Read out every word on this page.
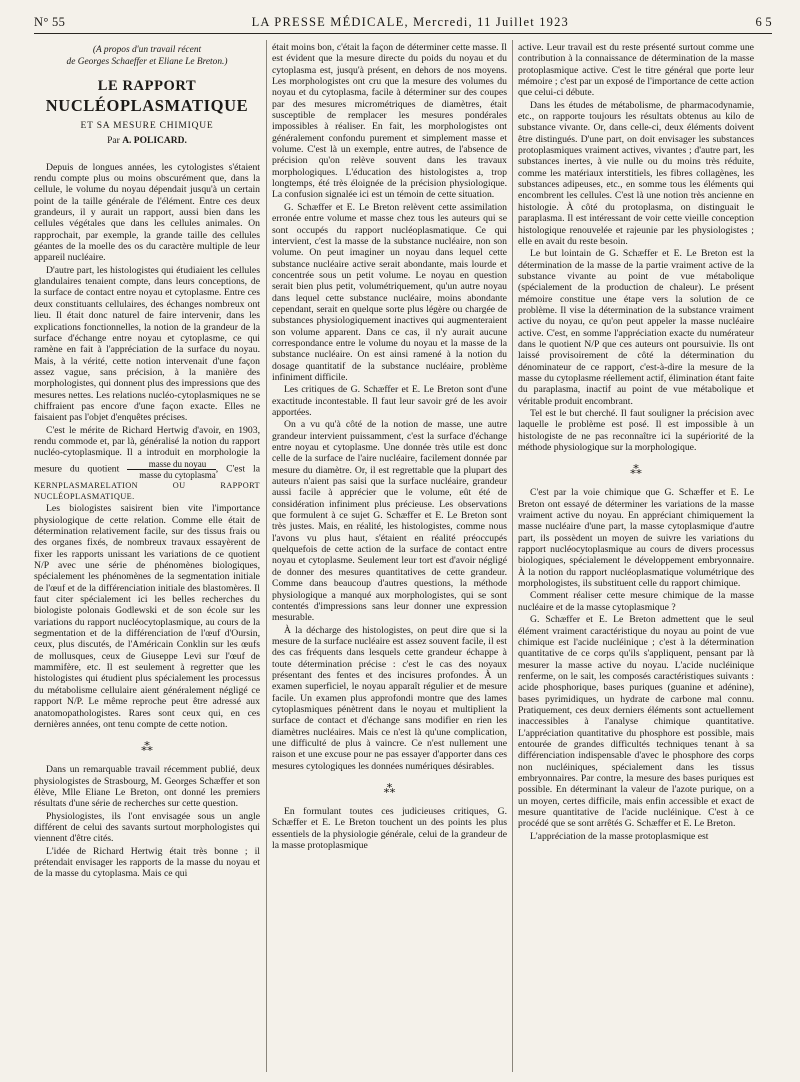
N° 55	LA PRESSE MÉDICALE, Mercredi, 11 Juillet 1923	6 5
(A propos d'un travail récent
de Georges Schaeffer et Eliane Le Breton.)
LE RAPPORT
NUCLÉOPLASMATIQUE
ET SA MESURE CHIMIQUE
Par A. POLICARD.

Depuis de longues années, les cytologistes s'étaient rendu compte plus ou moins obscurément que, dans la cellule, le volume du noyau dépendait jusqu'à un certain point de la taille générale de l'élément. Entre ces deux grandeurs, il y aurait un rapport, aussi bien dans les cellules végétales que dans les cellules animales. On rapprochait, par exemple, la grande taille des cellules géantes de la moelle des os du caractère multiple de leur appareil nucléaire.

D'autre part, les histologistes qui étudiaient les cellules glandulaires tenaient compte, dans leurs conceptions, de la surface de contact entre noyau et cytoplasme. Entre ces deux constituants cellulaires, des échanges nombreux ont lieu. Il était donc naturel de faire intervenir, dans les explications fonctionnelles, la notion de la grandeur de la surface d'échange entre noyau et cytoplasme, ce qui ramène en fait à l'appréciation de la surface du noyau. Mais, à la vérité, cette notion intervenait d'une façon assez vague, sans précision, à la manière des morphologistes, qui donnent plus des impressions que des mesures nettes. Les relations nucléo-cytoplasmiques ne se chiffraient pas encore d'une façon exacte. Elles ne faisaient pas l'objet d'enquêtes précises.

C'est le mérite de Richard Hertwig d'avoir, en 1903, rendu commode et, par là, généralisé la notion du rapport nucléo-cytoplasmique. Il a introduit en morphologie la mesure du quotient $\frac{\text{masse du noyau}}{\text{masse du cytoplasma}}$ , C'est la KERNPLASMARELATION OU RAPPORT NUCLÉOPLASMATIQUE.

Les biologistes saisirent bien vite l'importance physiologique de cette relation. Comme elle était de détermination relativement facile, sur des tissus frais ou des organes fixés, de nombreux travaux essayèrent de fixer les rapports unissant les variations de ce quotient N/P avec une série de phénomènes biologiques, spécialement les phénomènes de la segmentation initiale de l'œuf et de la différenciation initiale des blastomères. Il faut citer spécialement ici les belles recherches du biologiste polonais Godlewski et de son école sur les variations du rapport nucléocytoplasmique, au cours de la segmentation et de la différenciation de l'œuf d'Oursin, ceux, plus discutés, de l'Américain Conklin sur les œufs de mollusques, ceux de Giuseppe Levi sur l'œuf de mammifère, etc. Il est seulement à regretter que les histologistes qui étudient plus spécialement les processus du métabolisme cellulaire aient généralement négligé ce rapport N/P. Le même reproche peut être adressé aux anatomopathologistes. Rares sont ceux qui, en ces dernières années, ont tenu compte de cette notion.

⁂

Dans un remarquable travail récemment publié, deux physiologistes de Strasbourg, M. Georges Schæffer et son élève, Mlle Eliane Le Breton, ont donné les premiers résultats d'une série de recherches sur cette question.

Physiologistes, ils l'ont envisagée sous un angle différent de celui des savants surtout morphologistes qui viennent d'être cités.

L'idée de Richard Hertwig était très bonne ; il prétendait envisager les rapports de la masse du noyau et de la masse du cytoplasma. Mais ce qui

était moins bon, c'était la façon de déterminer cette masse. Il est évident que la mesure directe du poids du noyau et du cytoplasma est, jusqu'à présent, en dehors de nos moyens. Les morphologistes ont cru que la mesure des volumes du noyau et du cytoplasma, facile à déterminer sur des coupes par des mesures micrométriques de diamètres, était susceptible de remplacer les mesures pondérales impossibles à réaliser. En fait, les morphologistes ont généralement confondu purement et simplement masse et volume. C'est là un exemple, entre autres, de l'absence de précision qu'on relève souvent dans les travaux morphologiques. L'éducation des histologistes a, trop longtemps, été très éloignée de la précision physiologique. La confusion signalée ici est un témoin de cette situation.

G. Schæffer et E. Le Breton relèvent cette assimilation erronée entre volume et masse chez tous les auteurs qui se sont occupés du rapport nucléoplasmatique. Ce qui intervient, c'est la masse de la substance nucléaire, non son volume. On peut imaginer un noyau dans lequel cette substance nucléaire active serait abondante, mais lourde et concentrée sous un petit volume. Le noyau en question serait bien plus petit, volumétriquement, qu'un autre noyau dans lequel cette substance nucléaire, moins abondante cependant, serait en quelque sorte plus légère ou chargée de substances physiologiquement inactives qui augmenteraient son volume apparent. Dans ce cas, il n'y aurait aucune correspondance entre le volume du noyau et la masse de la substance nucléaire. On est ainsi ramené à la notion du dosage quantitatif de la substance nucléaire, problème infiniment difficile.

Les critiques de G. Schæffer et E. Le Breton sont d'une exactitude incontestable. Il faut leur savoir gré de les avoir apportées.

On a vu qu'à côté de la notion de masse, une autre grandeur intervient puissamment, c'est la surface d'échange entre noyau et cytoplasme. Une donnée très utile est donc celle de la surface de l'aire nucléaire, facilement donnée par mesure du diamètre. Or, il est regrettable que la plupart des auteurs n'aient pas saisi que la surface nucléaire, grandeur aussi facile à apprécier que le volume, eût été de considération infiniment plus précieuse. Les observations que formulent à ce sujet G. Schæffer et E. Le Breton sont très justes. Mais, en réalité, les histologistes, comme nous l'avons vu plus haut, s'étaient en réalité préoccupés quelquefois de cette action de la surface de contact entre noyau et cytoplasme. Seulement leur tort est d'avoir négligé de donner des mesures quantitatives de cette grandeur. Comme dans beaucoup d'autres questions, la méthode physiologique a manqué aux morphologistes, qui se sont contentés d'impressions sans leur donner une expression mesurable.

À la décharge des histologistes, on peut dire que si la mesure de la surface nucléaire est assez souvent facile, il est des cas fréquents dans lesquels cette grandeur échappe à toute détermination précise : c'est le cas des noyaux présentant des fentes et des incisures profondes. À un examen superficiel, le noyau apparaît régulier et de mesure facile. Un examen plus approfondi montre que des lames cytoplasmiques pénètrent dans le noyau et multiplient la surface de contact et d'échange sans modifier en rien les diamètres nucléaires. Mais ce n'est là qu'une complication, une difficulté de plus à vaincre. Ce n'est nullement une raison et une excuse pour ne pas essayer d'apporter dans ces mesures cytologiques les données numériques désirables.

⁂

En formulant toutes ces judicieuses critiques, G. Schæffer et E. Le Breton touchent un des points les plus essentiels de la physiologie générale, celui de la grandeur de la masse protoplasmique

active. Leur travail est du reste présenté surtout comme une contribution à la connaissance de détermination de la masse protoplasmique active. C'est le titre général que porte leur mémoire ; c'est par un exposé de l'importance de cette action que celui-ci débute.

Dans les études de métabolisme, de pharmacodynamie, etc., on rapporte toujours les résultats obtenus au kilo de substance vivante. Or, dans celle-ci, deux éléments doivent être distingués. D'une part, on doit envisager les substances protoplasmiques vraiment actives, vivantes ; d'autre part, les substances inertes, à vie nulle ou du moins très réduite, comme les matériaux interstitiels, les fibres collagènes, les substances adipeuses, etc., en somme tous les éléments qui encombrent les cellules. C'est là une notion très ancienne en histologie. À côté du protoplasma, on distinguait le paraplasma. Il est intéressant de voir cette vieille conception histologique renouvelée et rajeunie par les physiologistes ; elle en avait du reste besoin.

Le but lointain de G. Schæffer et E. Le Breton est la détermination de la masse de la partie vraiment active de la substance vivante au point de vue métabolique (spécialement de la production de chaleur). Le présent mémoire constitue une étape vers la solution de ce problème. Il vise la détermination de la substance vraiment active du noyau, ce qu'on peut appeler la masse nucléaire active. C'est, en somme l'appréciation exacte du numérateur dans le quotient N/P que ces auteurs ont poursuivie. Ils ont laissé provisoirement de côté la détermination du dénominateur de ce rapport, c'est-à-dire la mesure de la masse du cytoplasme réellement actif, élimination étant faite du paraplasma, inactif au point de vue métabolique et véritable produit encombrant.

Tel est le but cherché. Il faut souligner la précision avec laquelle le problème est posé. Il est impossible à un histologiste de ne pas reconnaître ici la supériorité de la méthode physiologique sur la morphologique.

⁂

C'est par la voie chimique que G. Schæffer et E. Le Breton ont essayé de déterminer les variations de la masse vraiment active du noyau. En appréciant chimiquement la masse nucléaire d'une part, la masse cytoplasmique d'autre part, ils possèdent un moyen de suivre les variations du rapport nucléocytoplasmique au cours de divers processus biologiques, spécialement le développement embryonnaire. À la notion du rapport nucléoplasmatique volumétrique des morphologistes, ils substituent celle du rapport chimique.

Comment réaliser cette mesure chimique de la masse nucléaire et de la masse cytoplasmique ?

G. Schæffer et E. Le Breton admettent que le seul élément vraiment caractéristique du noyau au point de vue chimique est l'acide nucléinique ; c'est à la détermination quantitative de ce corps qu'ils s'appliquent, pensant par là mesurer la masse active du noyau. L'acide nucléinique renferme, on le sait, les composés caractéristiques suivants : acide phosphorique, bases puriques (guanine et adénine), bases pyrimidiques, un hydrate de carbone mal connu. Pratiquement, ces deux derniers éléments sont actuellement inaccessibles à l'analyse chimique quantitative. L'appréciation quantitative du phosphore est possible, mais entourée de grandes difficultés techniques tenant à sa différenciation indispensable d'avec le phosphore des corps non nucléiniques, spécialement dans les tissus embryonnaires. Par contre, la mesure des bases puriques est possible. En déterminant la valeur de l'azote purique, on a un moyen, certes difficile, mais enfin accessible et exact de mesure quantitative de l'acide nucléinique. C'est à ce procédé que se sont arrêtés G. Schæffer et E. Le Breton.

L'appréciation de la masse protoplasmique est
